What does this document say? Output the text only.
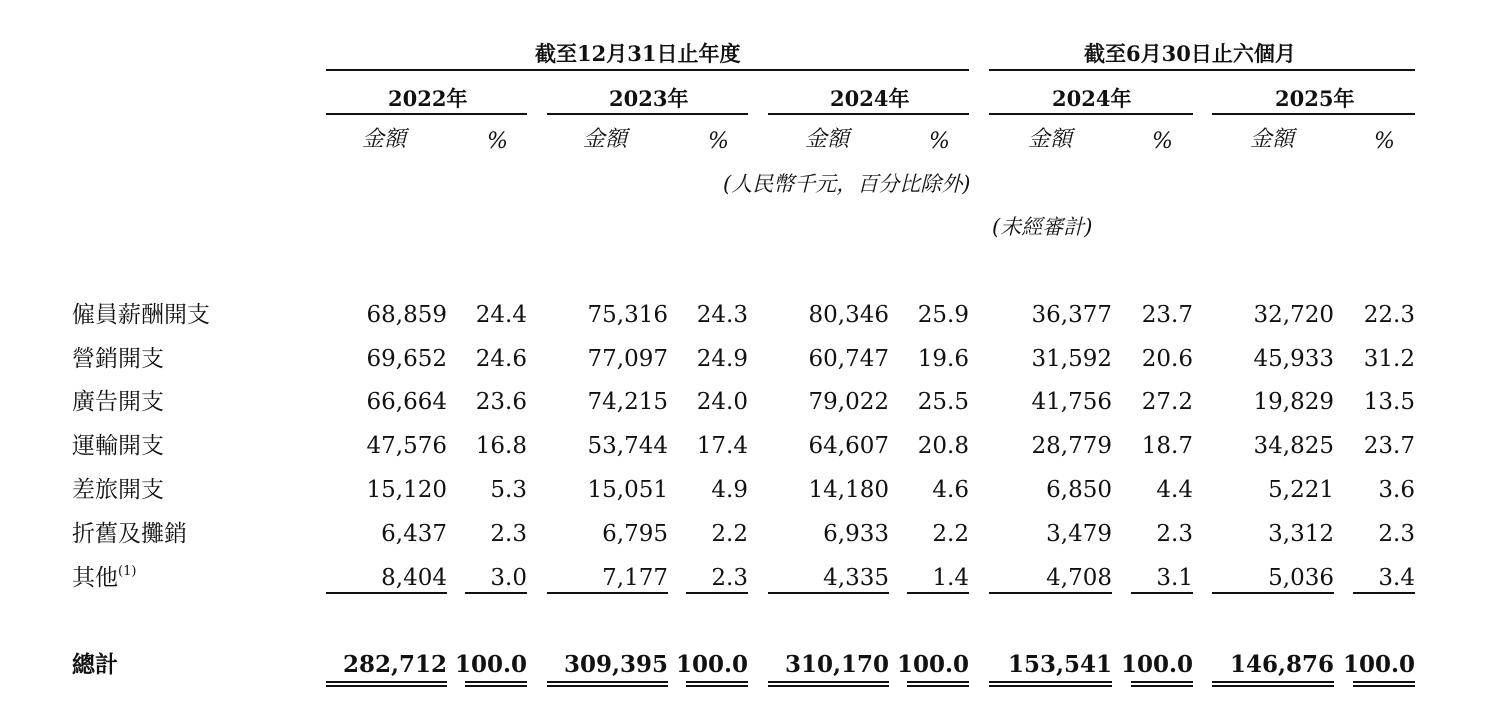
截至12月31日止年度	截至6月30日止六個月
2022年	2023年	2024年	2024年	2025年
金額	%	金額	%	金額	%	金額	%	金額	%
(人民幣千元，百分比除外)
(未經審計)
僱員薪酬開支	68,859 24.4	75,316 24.3	80,346 25.9	36,377 23.7	32,720 22.3
營銷開支	69,652 24.6	77,097 24.9	60,747 19.6	31,592 20.6	45,933 31.2
廣告開支	66,664 23.6	74,215 24.0	79,022 25.5	41,756 27.2	19,829 13.5
運輸開支	47,576 16.8	53,744 17.4	64,607 20.8	28,779 18.7	34,825 23.7
差旅開支	15,120 5.3	15,051 4.9	14,180 4.6	6,850 4.4	5,221 3.6
折舊及攤銷	6,437 2.3	6,795 2.2	6,933 2.2	3,479 2.3	3,312 2.3
其他$^{(1)}$	8,404 3.0	7,177 2.3	4,335 1.4	4,708 3.1	5,036 3.4
總計	282,712 100.0 309,395 100.0 310,170 100.0 153,541 100.0 146,876 100.0
